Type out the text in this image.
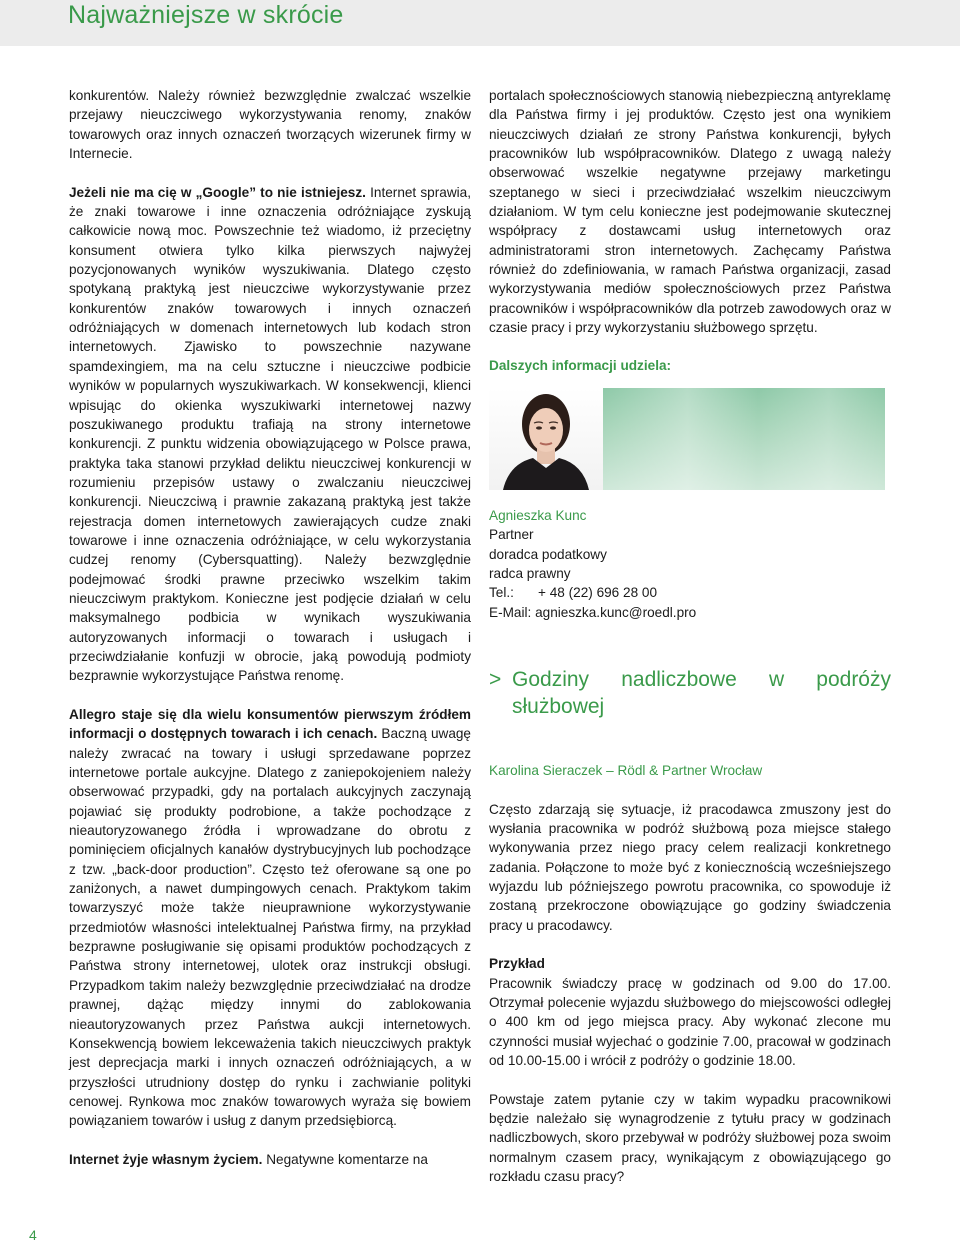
Najważniejsze w skrócie

konkurentów. Należy również bezwzględnie zwalczać wszelkie przejawy nieuczciwego wykorzystywania renomy, znaków towarowych oraz innych oznaczeń tworzących wizerunek firmy w Internecie.

Jeżeli nie ma cię w „Google” to nie istniejesz. Internet sprawia, że znaki towarowe i inne oznaczenia odróżniające zyskują całkowicie nową moc. Powszechnie też wiadomo, iż przeciętny konsument otwiera tylko kilka pierwszych najwyżej pozycjonowanych wyników wyszukiwania. Dlatego często spotykaną praktyką jest nieuczciwe wykorzystywanie przez konkurentów znaków towarowych i innych oznaczeń odróżniających w domenach internetowych lub kodach stron internetowych. Zjawisko to powszechnie nazywane spamdexingiem, ma na celu sztuczne i nieuczciwe podbicie wyników w popularnych wyszukiwarkach. W konsekwencji, klienci wpisując do okienka wyszukiwarki internetowej nazwy poszukiwanego produktu trafiają na strony internetowe konkurencji. Z punktu widzenia obowiązującego w Polsce prawa, praktyka taka stanowi przykład deliktu nieuczciwej konkurencji w rozumieniu przepisów ustawy o zwalczaniu nieuczciwej konkurencji. Nieuczciwą i prawnie zakazaną praktyką jest także rejestracja domen internetowych zawierających cudze znaki towarowe i inne oznaczenia odróżniające, w celu wykorzystania cudzej renomy (Cybersquatting). Należy bezwzględnie podejmować środki prawne przeciwko wszelkim takim nieuczciwym praktykom. Konieczne jest podjęcie działań w celu maksymalnego podbicia w wynikach wyszukiwania autoryzowanych informacji o towarach i usługach i przeciwdziałanie konfuzji w obrocie, jaką powodują podmioty bezprawnie wykorzystujące Państwa renomę.

Allegro staje się dla wielu konsumentów pierwszym źródłem informacji o dostępnych towarach i ich cenach. Baczną uwagę należy zwracać na towary i usługi sprzedawane poprzez internetowe portale aukcyjne. Dlatego z zaniepokojeniem należy obserwować przypadki, gdy na portalach aukcyjnych zaczynają pojawiać się produkty podrobione, a także pochodzące z nieautoryzowanego źródła i wprowadzane do obrotu z pominięciem oficjalnych kanałów dystrybucyjnych lub pochodzące z tzw. „back-door production”. Często też oferowane są one po zaniżonych, a nawet dumpingowych cenach. Praktykom takim towarzyszyć może także nieuprawnione wykorzystywanie przedmiotów własności intelektualnej Państwa firmy, na przykład bezprawne posługiwanie się opisami produktów pochodzących z Państwa strony internetowej, ulotek oraz instrukcji obsługi. Przypadkom takim należy bezwzględnie przeciwdziałać na drodze prawnej, dążąc między innymi do zablokowania nieautoryzowanych przez Państwa aukcji internetowych. Konsekwencją bowiem lekceważenia takich nieuczciwych praktyk jest deprecjacja marki i innych oznaczeń odróżniających, a w przyszłości utrudniony dostęp do rynku i zachwianie polityki cenowej. Rynkowa moc znaków towarowych wyraża się bowiem powiązaniem towarów i usług z danym przedsiębiorcą.

Internet żyje własnym życiem. Negatywne komentarze na

portalach społecznościowych stanowią niebezpieczną antyreklamę dla Państwa firmy i jej produktów. Często jest ona wynikiem nieuczciwych działań ze strony Państwa konkurencji, byłych pracowników lub współpracowników. Dlatego z uwagą należy obserwować wszelkie negatywne przejawy marketingu szeptanego w sieci i przeciwdziałać wszelkim nieuczciwym działaniom. W tym celu konieczne jest podejmowanie skutecznej współpracy z dostawcami usług internetowych oraz administratorami stron internetowych. Zachęcamy Państwa również do zdefiniowania, w ramach Państwa organizacji, zasad wykorzystywania mediów społecznościowych przez Państwa pracowników i współpracowników dla potrzeb zawodowych oraz w czasie pracy i przy wykorzystaniu służbowego sprzętu.

Dalszych informacji udziela:

Agnieszka Kunc

Partner

doradca podatkowy

radca prawny

Tel.: + 48 (22) 696 28 00

E-Mail: agnieszka.kunc@roedl.pro

> Godziny nadliczbowe w podróży służbowej

Karolina Sieraczek – Rödl & Partner Wrocław

Często zdarzają się sytuacje, iż pracodawca zmuszony jest do wysłania pracownika w podróż służbową poza miejsce stałego wykonywania przez niego pracy celem realizacji konkretnego zadania. Połączone to może być z koniecznością wcześniejszego wyjazdu lub późniejszego powrotu pracownika, co spowoduje iż zostaną przekroczone obowiązujące go godziny świadczenia pracy u pracodawcy.

Przykład

Pracownik świadczy pracę w godzinach od 9.00 do 17.00. Otrzymał polecenie wyjazdu służbowego do miejscowości odległej o 400 km od jego miejsca pracy. Aby wykonać zlecone mu czynności musiał wyjechać o godzinie 7.00, pracował w godzinach od 10.00-15.00 i wrócił z podróży o godzinie 18.00.

Powstaje zatem pytanie czy w takim wypadku pracownikowi będzie należało się wynagrodzenie z tytułu pracy w godzinach nadliczbowych, skoro przebywał w podróży służbowej poza swoim normalnym czasem pracy, wynikającym z obowiązującego go rozkładu czasu pracy?

4
